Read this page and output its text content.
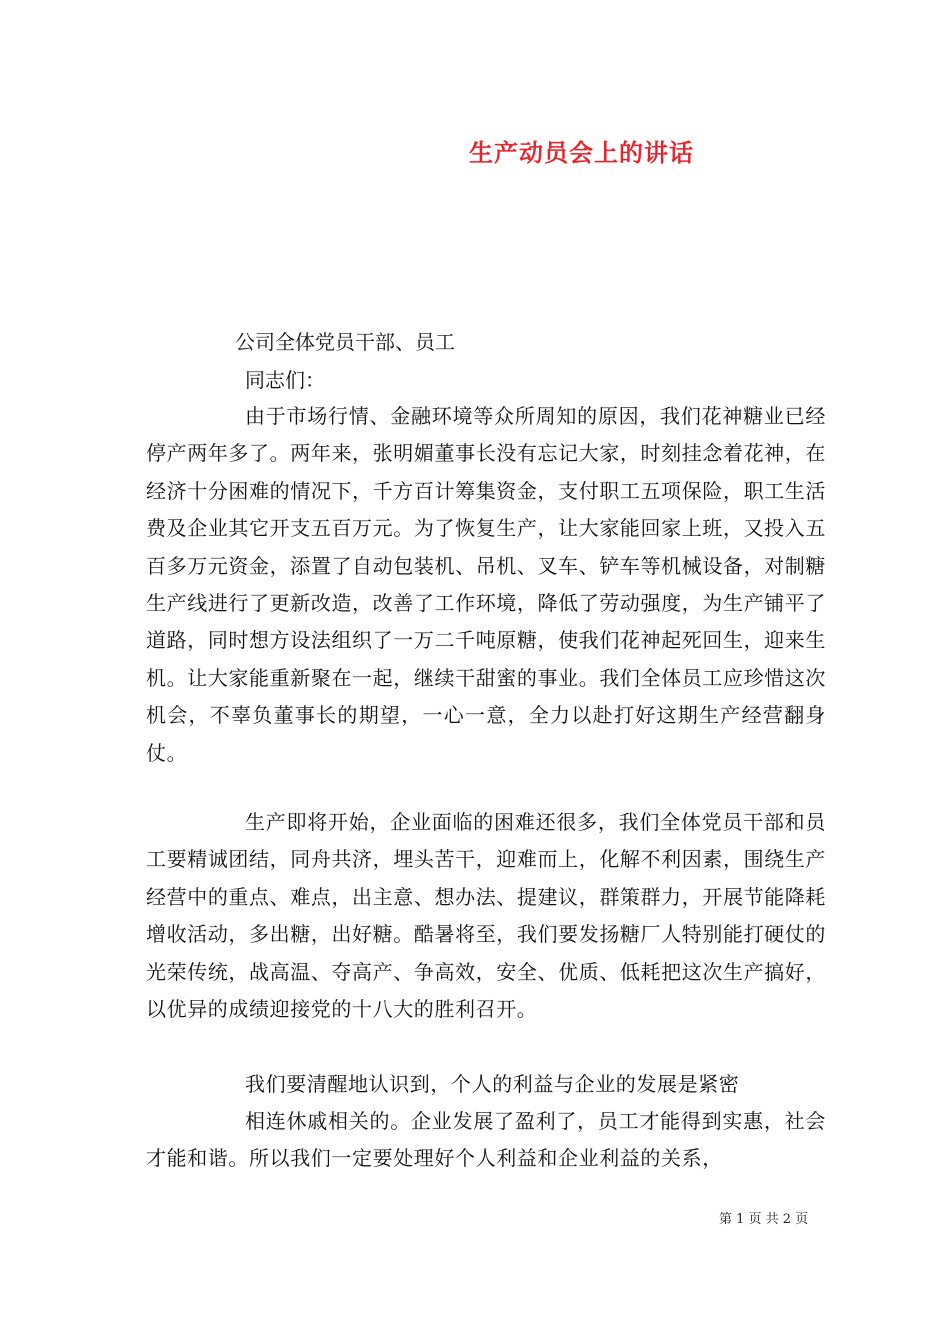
生产动员会上的讲话
公司全体党员干部、员工
同志们：

由于市场行情、金融环境等众所周知的原因，我们花神糖业已经停产两年多了。两年来，张明媚董事长没有忘记大家，时刻挂念着花神，在经济十分困难的情况下，千方百计筹集资金，支付职工五项保险，职工生活费及企业其它开支五百万元。为了恢复生产，让大家能回家上班，又投入五百多万元资金，添置了自动包装机、吊机、叉车、铲车等机械设备，对制糖生产线进行了更新改造，改善了工作环境，降低了劳动强度，为生产铺平了道路，同时想方设法组织了一万二千吨原糖，使我们花神起死回生，迎来生机。让大家能重新聚在一起，继续干甜蜜的事业。我们全体员工应珍惜这次机会，不辜负董事长的期望，一心一意，全力以赴打好这期生产经营翻身仗。

生产即将开始，企业面临的困难还很多，我们全体党员干部和员工要精诚团结，同舟共济，埋头苦干，迎难而上，化解不利因素，围绕生产经营中的重点、难点，出主意、想办法、提建议，群策群力，开展节能降耗增收活动，多出糖，出好糖。酷暑将至，我们要发扬糖厂人特别能打硬仗的光荣传统，战高温、夺高产、争高效，安全、优质、低耗把这次生产搞好，以优异的成绩迎接党的十八大的胜利召开。

我们要清醒地认识到，个人的利益与企业的发展是紧密

相连休戚相关的。企业发展了盈利了，员工才能得到实惠，社会才能和谐。所以我们一定要处理好个人利益和企业利益的关系，

第 1 页 共 2 页
